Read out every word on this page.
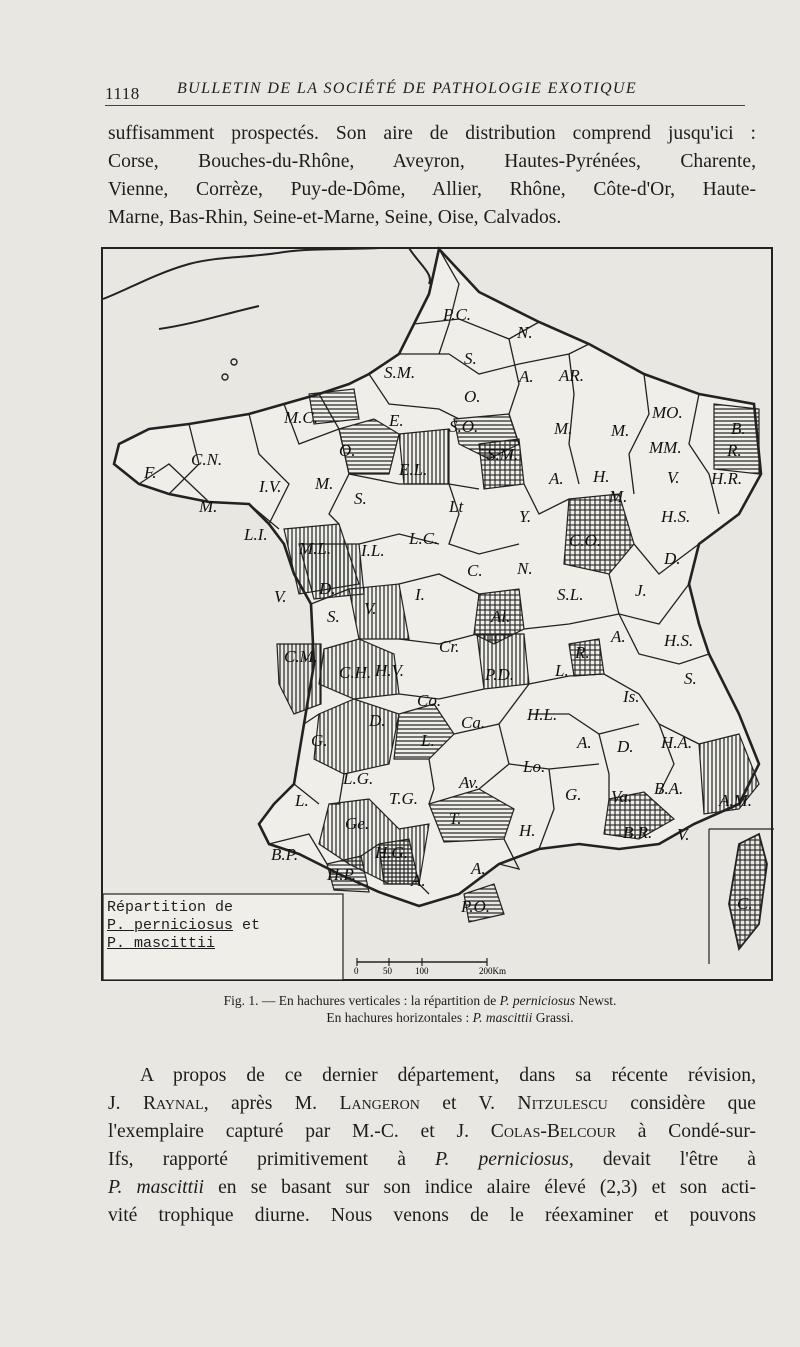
1118 BULLETIN DE LA SOCIÉTÉ DE PATHOLOGIE EXOTIQUE
suffisamment prospectés. Son aire de distribution comprend jusqu'ici :
Corse, Bouches-du-Rhône, Aveyron, Hautes-Pyrénées, Charente,
Vienne, Corrèze, Puy-de-Dôme, Allier, Rhône, Côte-d'Or, Haute-
Marne, Bas-Rhin, Seine-et-Marne, Seine, Oise, Calvados.
P.C.
N.
S.
A. AR.
S.M.
O.
MO.
B.
R.
M.C.	E.	S.O.	M. M.
MM.
S.M.
V. H.R.
F.
C.N.	O.
E.L.	A. H.
M.
I.V. M.
S.	Lt
Y.	H.S.
M.
L.I.
M.L. I.L.
L.C.	C.O.
D.
C. N.
S.L.	J.
V. D.	I.
V.	Al.
A. H.S.
S.
C.M.
Cr.	R.
S.
C.H. H.V.	P.D. L.
Is.
Co.
D.	Ca. H.L.
A. D. H.A.
G.	L.
Lo.
L.G.	Av.
G. Va. B.A.
A.M.
L.	T.G.
T.
B.R. V.
Ge.	H.
B.P.	H.G.
H.P.	A.
A.
P.O.	C.
0	50	100	200Km
Répartition de
P. perniciosus et
P. mascittii
Fig. 1. — En hachures verticales : la répartition de P. perniciosus Newst.
En hachures horizontales : P. mascittii Grassi.
A propos de ce dernier département, dans sa récente révision,
J. Raynal, après M. Langeron et V. Nitzulescu considère que
l'exemplaire capturé par M.-C. et J. Colas-Belcour à Condé-sur-
Ifs, rapporté primitivement à P. perniciosus, devait l'être à
P. mascittii en se basant sur son indice alaire élevé (2,3) et son acti-
vité trophique diurne. Nous venons de le réexaminer et pouvons
